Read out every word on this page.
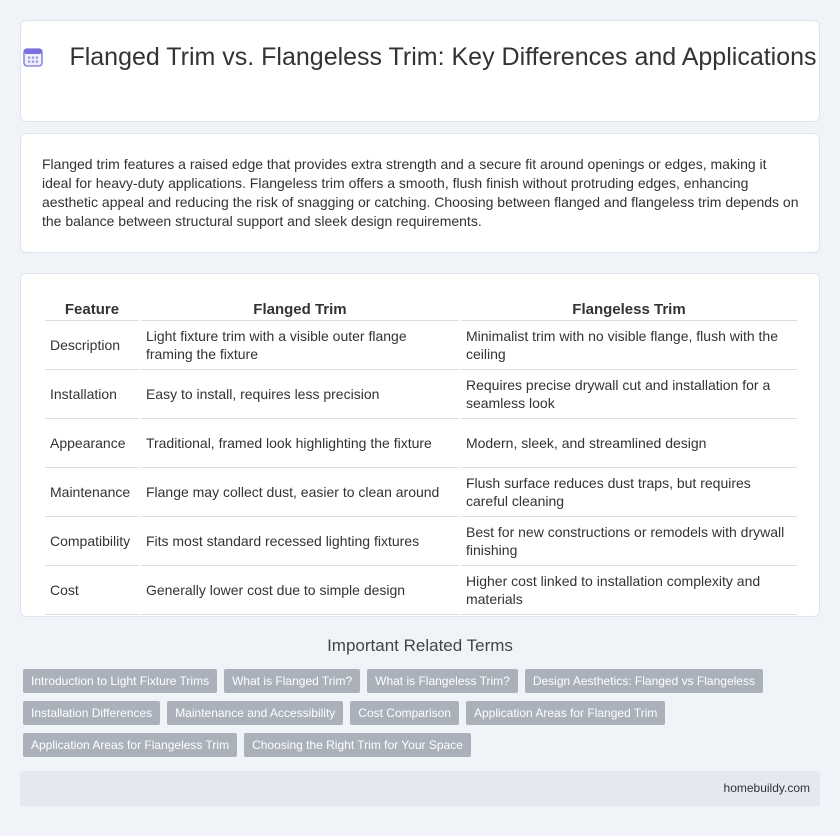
Flanged Trim vs. Flangeless Trim: Key Differences and Applications

Flanged trim features a raised edge that provides extra strength and a secure fit around openings or edges, making it ideal for heavy-duty applications. Flangeless trim offers a smooth, flush finish without protruding edges, enhancing aesthetic appeal and reducing the risk of snagging or catching. Choosing between flanged and flangeless trim depends on the balance between structural support and sleek design requirements.

Feature	Flanged Trim	Flangeless Trim
Description	Light fixture trim with a visible outer flange framing the fixture	Minimalist trim with no visible flange, flush with the ceiling
Installation	Easy to install, requires less precision	Requires precise drywall cut and installation for a seamless look
Appearance	Traditional, framed look highlighting the fixture	Modern, sleek, and streamlined design
Maintenance	Flange may collect dust, easier to clean around	Flush surface reduces dust traps, but requires careful cleaning
Compatibility	Fits most standard recessed lighting fixtures	Best for new constructions or remodels with drywall finishing
Cost	Generally lower cost due to simple design	Higher cost linked to installation complexity and materials
Important Related Terms
Introduction to Light Fixture Trims	What is Flanged Trim?	What is Flangeless Trim?	Design Aesthetics: Flanged vs Flangeless
Installation Differences	Maintenance and Accessibility	Cost Comparison	Application Areas for Flanged Trim
Application Areas for Flangeless Trim	Choosing the Right Trim for Your Space
homebuildy.com
